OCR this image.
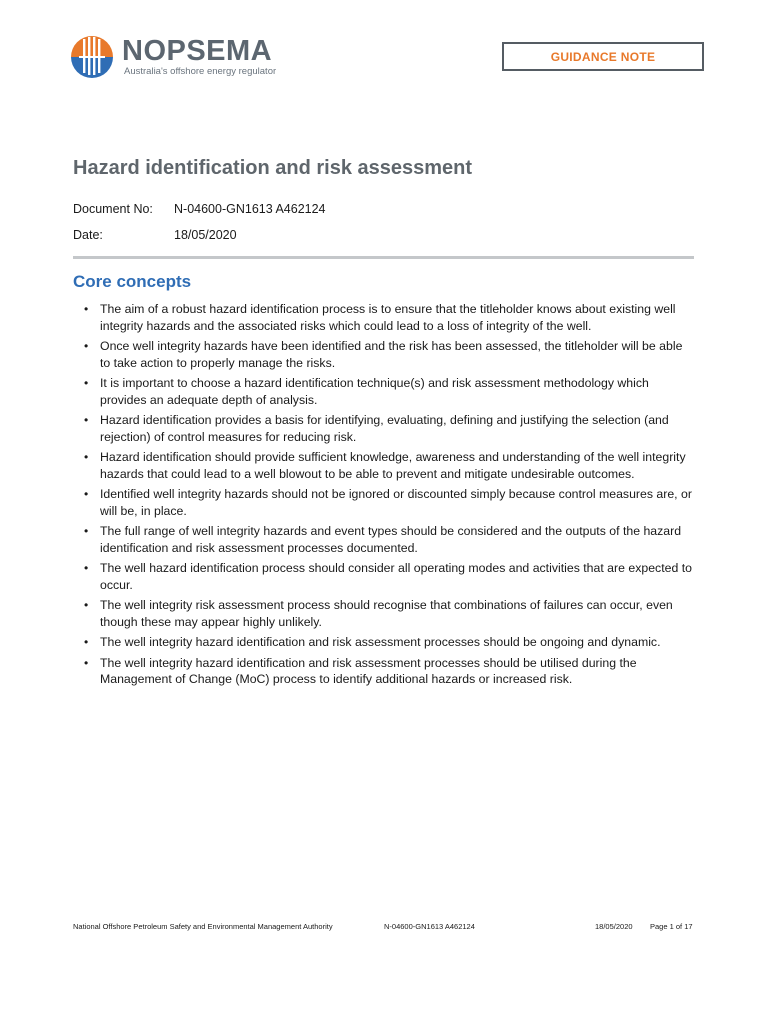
NOPSEMA
Australia's offshore energy regulator
GUIDANCE NOTE
Hazard identification and risk assessment
Document No:	N-04600-GN1613 A462124
Date:	18/05/2020
Core concepts
• The aim of a robust hazard identification process is to ensure that the titleholder knows about existing well integrity hazards and the associated risks which could lead to a loss of integrity of the well.
• Once well integrity hazards have been identified and the risk has been assessed, the titleholder will be able to take action to properly manage the risks.
• It is important to choose a hazard identification technique(s) and risk assessment methodology which provides an adequate depth of analysis.
• Hazard identification provides a basis for identifying, evaluating, defining and justifying the selection (and rejection) of control measures for reducing risk.
• Hazard identification should provide sufficient knowledge, awareness and understanding of the well integrity hazards that could lead to a well blowout to be able to prevent and mitigate undesirable outcomes.
• Identified well integrity hazards should not be ignored or discounted simply because control measures are, or will be, in place.
• The full range of well integrity hazards and event types should be considered and the outputs of the hazard identification and risk assessment processes documented.
• The well hazard identification process should consider all operating modes and activities that are expected to occur.
• The well integrity risk assessment process should recognise that combinations of failures can occur, even though these may appear highly unlikely.
• The well integrity hazard identification and risk assessment processes should be ongoing and dynamic.
• The well integrity hazard identification and risk assessment processes should be utilised during the Management of Change (MoC) process to identify additional hazards or increased risk.
National Offshore Petroleum Safety and Environmental Management Authority	N-04600-GN1613 A462124	18/05/2020 Page 1 of 17
